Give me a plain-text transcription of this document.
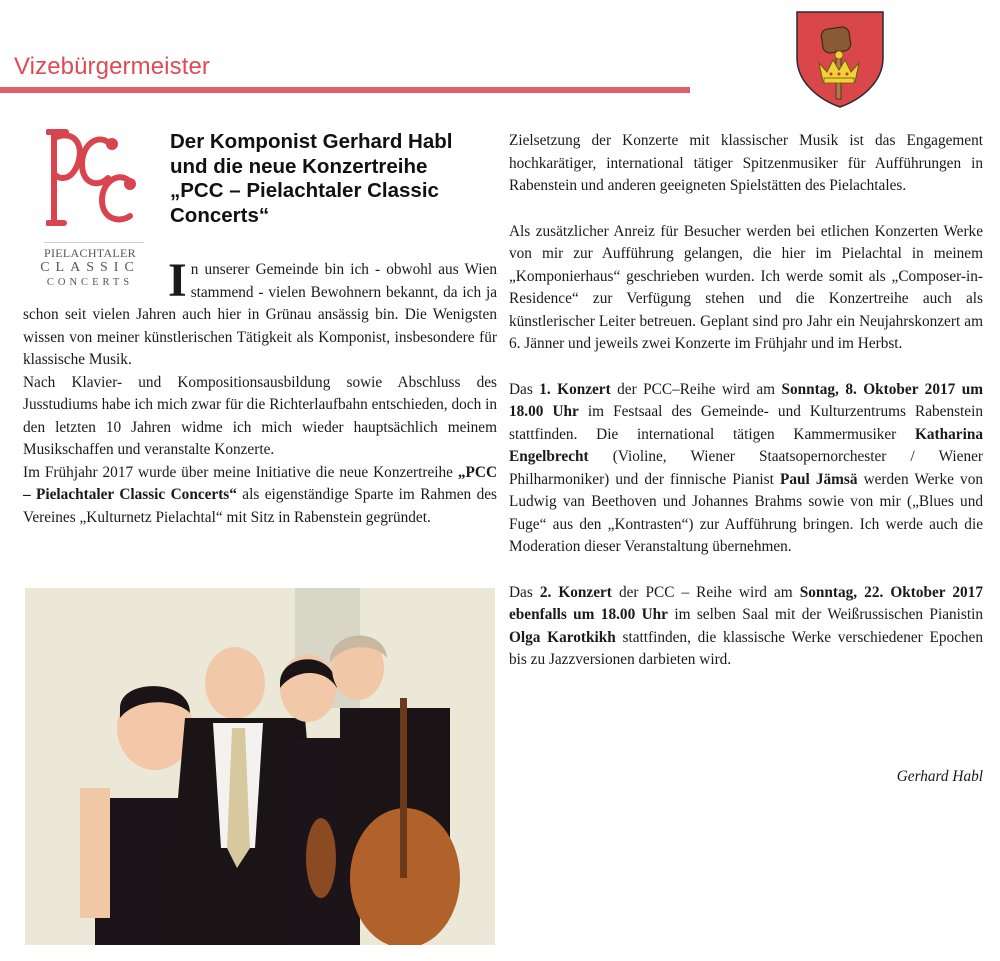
Vizebürgermeister
PIELACHTALER
CLASSIC
CONCERTS
Der Komponist Gerhard Habl
und die neue Konzertreihe
„PCC – Pielachtaler Classic
Concerts“

In unserer Gemeinde bin ich - obwohl aus Wien stammend - vielen Bewohnern bekannt, da ich ja schon seit vielen Jahren auch hier in Grünau ansässig bin. Die Wenigsten wissen von meiner künstlerischen Tätigkeit als Komponist, insbesondere für klassische Musik.

Nach Klavier- und Kompositionsausbildung sowie Abschluss des Jusstudiums habe ich mich zwar für die Richterlaufbahn entschieden, doch in den letzten 10 Jahren widme ich mich wieder hauptsächlich meinem Musikschaffen und veranstalte Konzerte.

Im Frühjahr 2017 wurde über meine Initiative die neue Konzertreihe „PCC – Pielachtaler Classic Concerts“ als eigenständige Sparte im Rahmen des Vereines „Kulturnetz Pielachtal“ mit Sitz in Rabenstein gegründet.

Zielsetzung der Konzerte mit klassischer Musik ist das Engagement hochkarätiger, international tätiger Spitzenmusiker für Aufführungen in Rabenstein und anderen geeigneten Spielstätten des Pielachtales.

Als zusätzlicher Anreiz für Besucher werden bei etlichen Konzerten Werke von mir zur Aufführung gelangen, die hier im Pielachtal in meinem „Komponierhaus“ geschrieben wurden. Ich werde somit als „Composer-in-Residence“ zur Verfügung stehen und die Konzertreihe auch als künstlerischer Leiter betreuen. Geplant sind pro Jahr ein Neujahrskonzert am 6. Jänner und jeweils zwei Konzerte im Frühjahr und im Herbst.

Das 1. Konzert der PCC–Reihe wird am Sonntag, 8. Oktober 2017 um 18.00 Uhr im Festsaal des Gemeinde- und Kulturzentrums Rabenstein stattfinden. Die international tätigen Kammermusiker Katharina Engelbrecht (Violine, Wiener Staatsopernorchester / Wiener Philharmoniker) und der finnische Pianist Paul Jämsä werden Werke von Ludwig van Beethoven und Johannes Brahms sowie von mir („Blues und Fuge“ aus den „Kontrasten“) zur Aufführung bringen. Ich werde auch die Moderation dieser Veranstaltung übernehmen.

Das 2. Konzert der PCC – Reihe wird am Sonntag, 22. Oktober 2017 ebenfalls um 18.00 Uhr im selben Saal mit der Weißrussischen Pianistin Olga Karotkikh stattfinden, die klassische Werke verschiedener Epochen bis zu Jazzversionen darbieten wird.

Gerhard Habl
